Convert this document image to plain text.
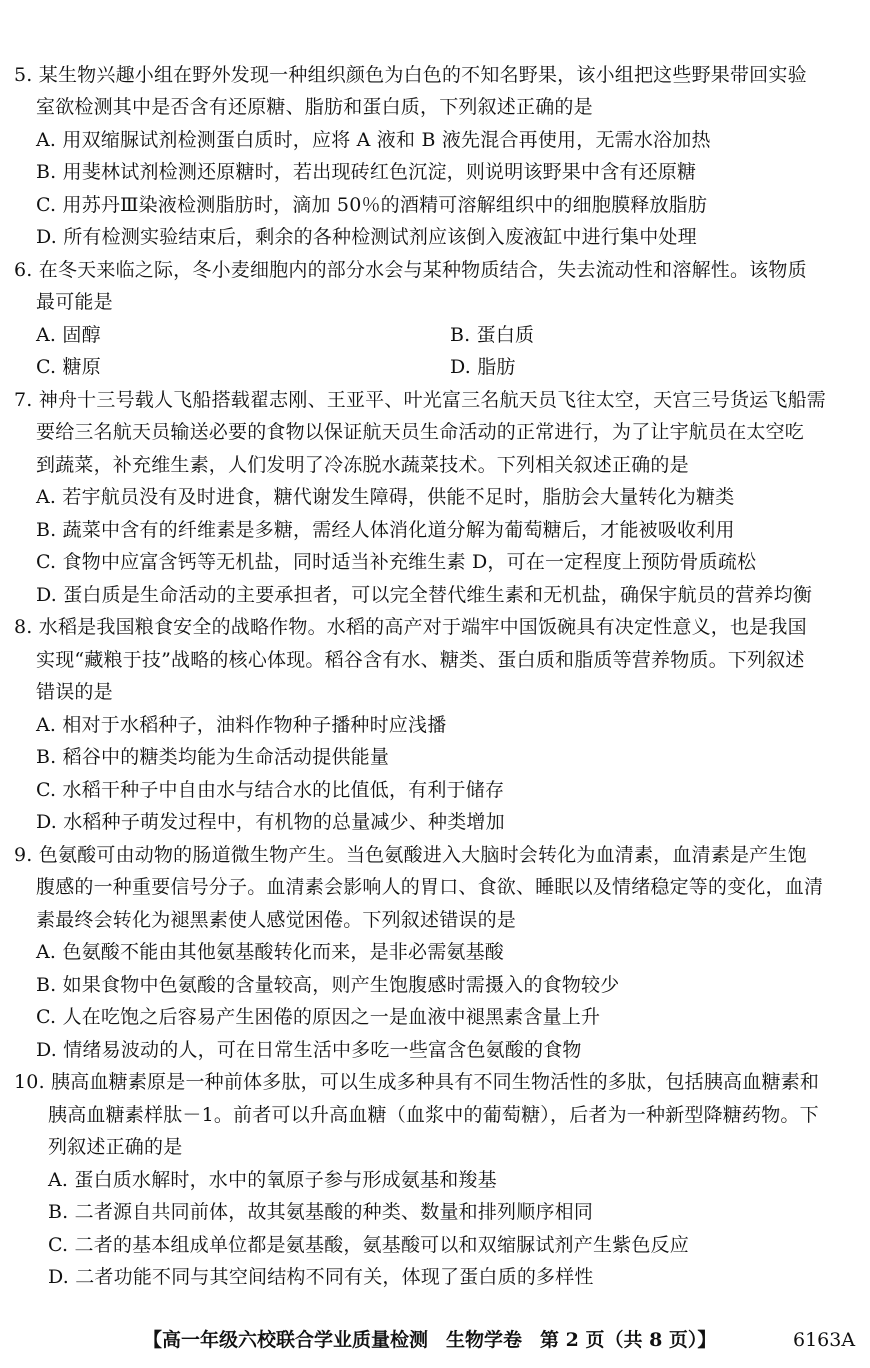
5. 某生物兴趣小组在野外发现一种组织颜色为白色的不知名野果，该小组把这些野果带回实验
室欲检测其中是否含有还原糖、脂肪和蛋白质，下列叙述正确的是
A. 用双缩脲试剂检测蛋白质时，应将 A 液和 B 液先混合再使用，无需水浴加热
B. 用斐林试剂检测还原糖时，若出现砖红色沉淀，则说明该野果中含有还原糖
C. 用苏丹Ⅲ染液检测脂肪时，滴加 50％的酒精可溶解组织中的细胞膜释放脂肪
D. 所有检测实验结束后，剩余的各种检测试剂应该倒入废液缸中进行集中处理
6. 在冬天来临之际，冬小麦细胞内的部分水会与某种物质结合，失去流动性和溶解性。该物质
最可能是
A. 固醇	B. 蛋白质
C. 糖原	D. 脂肪
7. 神舟十三号载人飞船搭载翟志刚、王亚平、叶光富三名航天员飞往太空，天宫三号货运飞船需
要给三名航天员输送必要的食物以保证航天员生命活动的正常进行，为了让宇航员在太空吃
到蔬菜，补充维生素，人们发明了冷冻脱水蔬菜技术。下列相关叙述正确的是
A. 若宇航员没有及时进食，糖代谢发生障碍，供能不足时，脂肪会大量转化为糖类
B. 蔬菜中含有的纤维素是多糖，需经人体消化道分解为葡萄糖后，才能被吸收利用
C. 食物中应富含钙等无机盐，同时适当补充维生素 D，可在一定程度上预防骨质疏松
D. 蛋白质是生命活动的主要承担者，可以完全替代维生素和无机盐，确保宇航员的营养均衡
8. 水稻是我国粮食安全的战略作物。水稻的高产对于端牢中国饭碗具有决定性意义，也是我国
实现“藏粮于技”战略的核心体现。稻谷含有水、糖类、蛋白质和脂质等营养物质。下列叙述
错误的是
A. 相对于水稻种子，油料作物种子播种时应浅播
B. 稻谷中的糖类均能为生命活动提供能量
C. 水稻干种子中自由水与结合水的比值低，有利于储存
D. 水稻种子萌发过程中，有机物的总量减少、种类增加
9. 色氨酸可由动物的肠道微生物产生。当色氨酸进入大脑时会转化为血清素，血清素是产生饱
腹感的一种重要信号分子。血清素会影响人的胃口、食欲、睡眠以及情绪稳定等的变化，血清
素最终会转化为褪黑素使人感觉困倦。下列叙述错误的是
A. 色氨酸不能由其他氨基酸转化而来，是非必需氨基酸
B. 如果食物中色氨酸的含量较高，则产生饱腹感时需摄入的食物较少
C. 人在吃饱之后容易产生困倦的原因之一是血液中褪黑素含量上升
D. 情绪易波动的人，可在日常生活中多吃一些富含色氨酸的食物
10. 胰高血糖素原是一种前体多肽，可以生成多种具有不同生物活性的多肽，包括胰高血糖素和
胰高血糖素样肽－1。前者可以升高血糖（血浆中的葡萄糖），后者为一种新型降糖药物。下
列叙述正确的是
A. 蛋白质水解时，水中的氧原子参与形成氨基和羧基
B. 二者源自共同前体，故其氨基酸的种类、数量和排列顺序相同
C. 二者的基本组成单位都是氨基酸，氨基酸可以和双缩脲试剂产生紫色反应
D. 二者功能不同与其空间结构不同有关，体现了蛋白质的多样性
【高一年级六校联合学业质量检测 生物学卷 第 2 页（共 8 页）】	6163A
